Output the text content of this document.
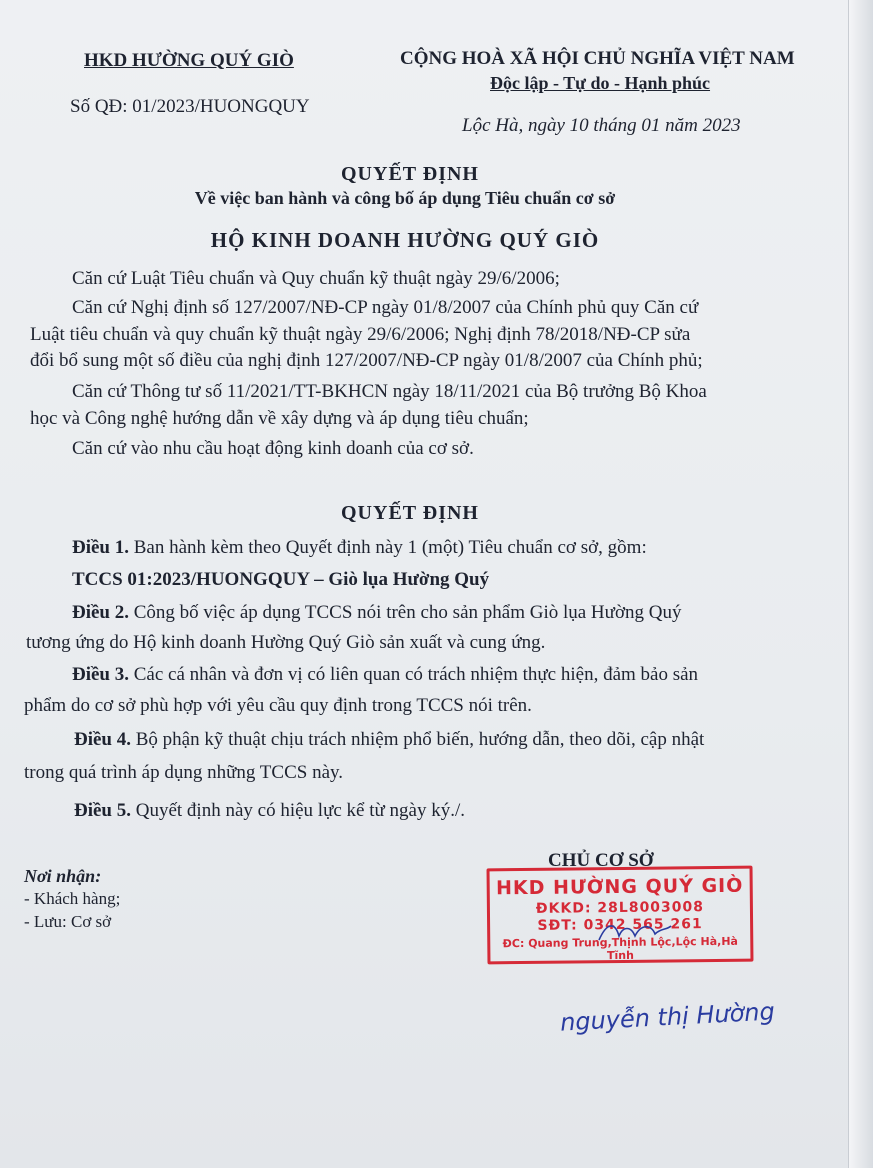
HKD HƯỜNG QUÝ GIÒ
Số QĐ: 01/2023/HUONGQUY
CỘNG HOÀ XÃ HỘI CHỦ NGHĨA VIỆT NAM
Độc lập - Tự do - Hạnh phúc
Lộc Hà, ngày 10 tháng 01 năm 2023
QUYẾT ĐỊNH
Về việc ban hành và công bố áp dụng Tiêu chuẩn cơ sở
HỘ KINH DOANH HƯỜNG QUÝ GIÒ
Căn cứ Luật Tiêu chuẩn và Quy chuẩn kỹ thuật ngày 29/6/2006;
Căn cứ Nghị định số 127/2007/NĐ-CP ngày 01/8/2007 của Chính phủ quy Căn cứ
Luật tiêu chuẩn và quy chuẩn kỹ thuật ngày 29/6/2006; Nghị định 78/2018/NĐ-CP sửa
đổi bổ sung một số điều của nghị định 127/2007/NĐ-CP ngày 01/8/2007 của Chính phủ;
Căn cứ Thông tư số 11/2021/TT-BKHCN ngày 18/11/2021 của Bộ trưởng Bộ Khoa
học và Công nghệ hướng dẫn về xây dựng và áp dụng tiêu chuẩn;
Căn cứ vào nhu cầu hoạt động kinh doanh của cơ sở.
QUYẾT ĐỊNH
Điều 1. Ban hành kèm theo Quyết định này 1 (một) Tiêu chuẩn cơ sở, gồm:
TCCS 01:2023/HUONGQUY – Giò lụa Hường Quý
Điều 2. Công bố việc áp dụng TCCS nói trên cho sản phẩm Giò lụa Hường Quý
tương ứng do Hộ kinh doanh Hường Quý Giò sản xuất và cung ứng.
Điều 3. Các cá nhân và đơn vị có liên quan có trách nhiệm thực hiện, đảm bảo sản
phẩm do cơ sở phù hợp với yêu cầu quy định trong TCCS nói trên.
Điều 4. Bộ phận kỹ thuật chịu trách nhiệm phổ biến, hướng dẫn, theo dõi, cập nhật
trong quá trình áp dụng những TCCS này.
Điều 5. Quyết định này có hiệu lực kể từ ngày ký./.
Nơi nhận:
- Khách hàng;
- Lưu: Cơ sở
CHỦ CƠ SỞ
HKD HƯỜNG QUÝ GIÒ
ĐKKD: 28L8003008
SĐT: 0342 565 261
ĐC: Quang Trung,Thịnh Lộc,Lộc Hà,Hà Tĩnh
nguyễn thị Hường
